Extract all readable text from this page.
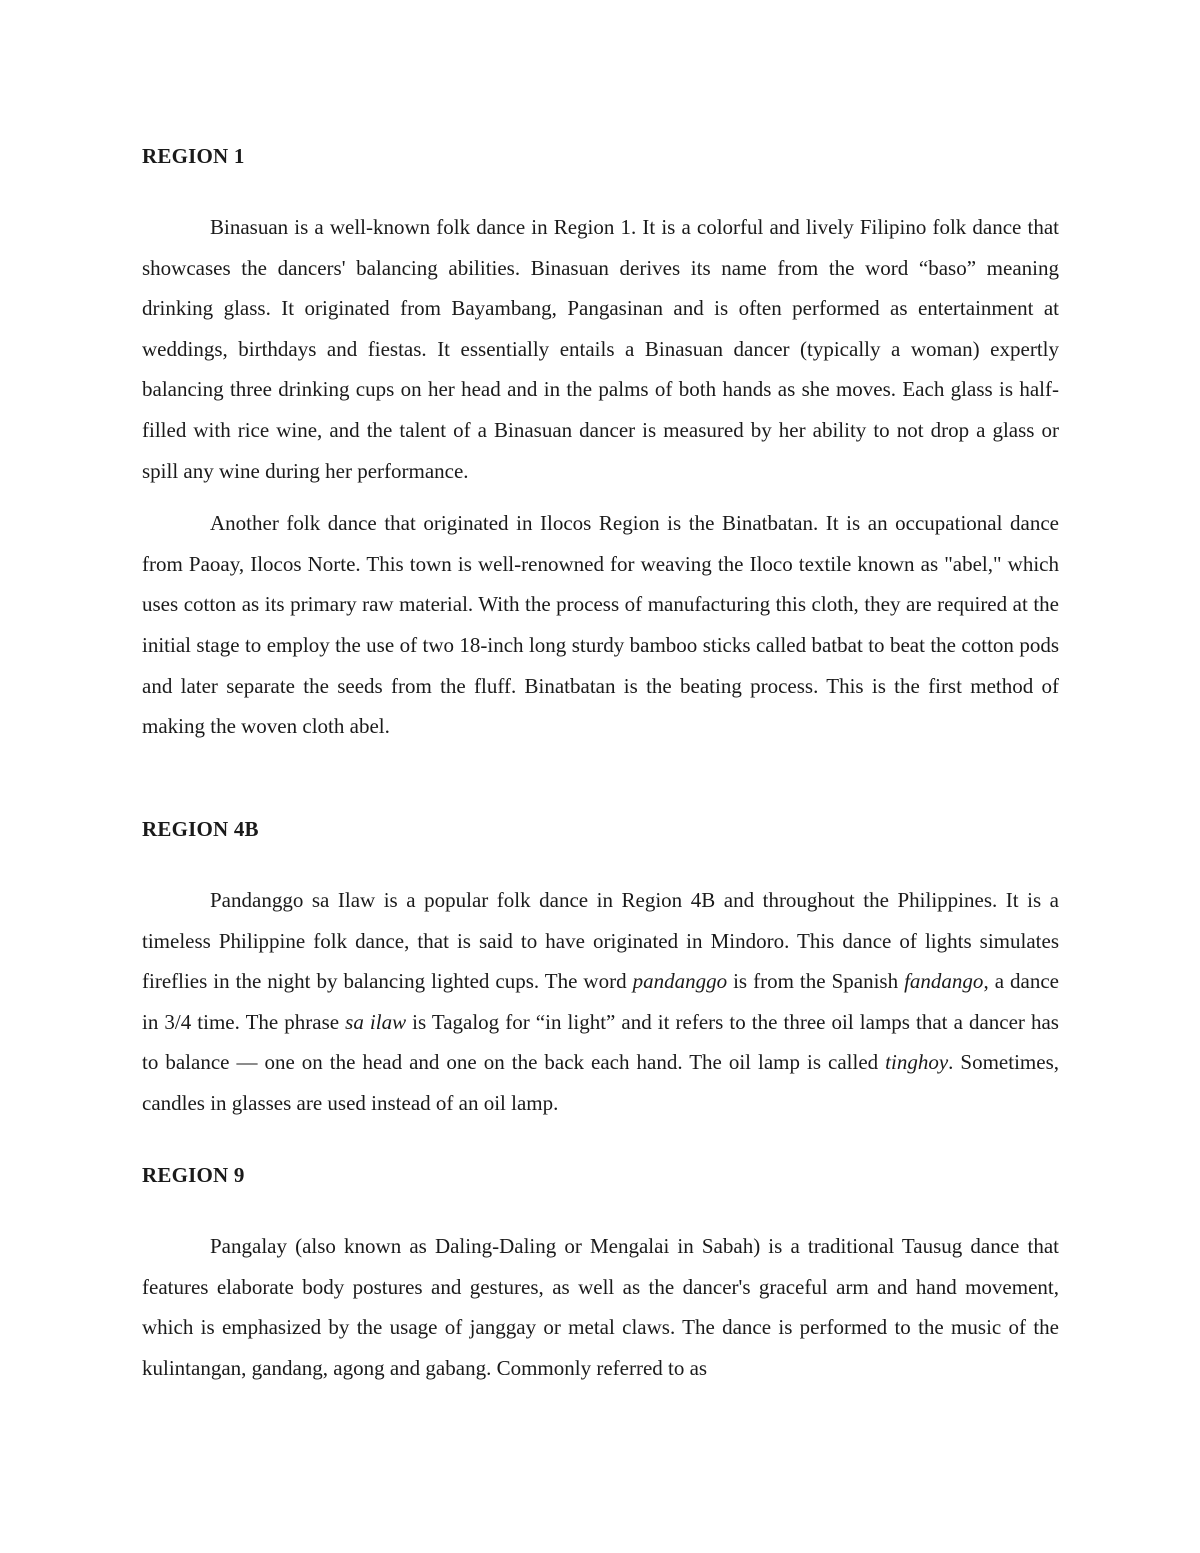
REGION 1

Binasuan is a well-known folk dance in Region 1. It is a colorful and lively Filipino folk dance that showcases the dancers' balancing abilities. Binasuan derives its name from the word “baso” meaning drinking glass. It originated from Bayambang, Pangasinan and is often performed as entertainment at weddings, birthdays and fiestas. It essentially entails a Binasuan dancer (typically a woman) expertly balancing three drinking cups on her head and in the palms of both hands as she moves. Each glass is half-filled with rice wine, and the talent of a Binasuan dancer is measured by her ability to not drop a glass or spill any wine during her performance.

Another folk dance that originated in Ilocos Region is the Binatbatan. It is an occupational dance from Paoay, Ilocos Norte. This town is well-renowned for weaving the Iloco textile known as "abel," which uses cotton as its primary raw material. With the process of manufacturing this cloth, they are required at the initial stage to employ the use of two 18-inch long sturdy bamboo sticks called batbat to beat the cotton pods and later separate the seeds from the fluff. Binatbatan is the beating process. This is the first method of making the woven cloth abel.

REGION 4B

Pandanggo sa Ilaw is a popular folk dance in Region 4B and throughout the Philippines. It is a timeless Philippine folk dance, that is said to have originated in Mindoro. This dance of lights simulates fireflies in the night by balancing lighted cups. The word pandanggo is from the Spanish fandango, a dance in 3/4 time. The phrase sa ilaw is Tagalog for “in light” and it refers to the three oil lamps that a dancer has to balance — one on the head and one on the back each hand. The oil lamp is called tinghoy. Sometimes, candles in glasses are used instead of an oil lamp.

REGION 9

Pangalay (also known as Daling-Daling or Mengalai in Sabah) is a traditional Tausug dance that features elaborate body postures and gestures, as well as the dancer's graceful arm and hand movement, which is emphasized by the usage of janggay or metal claws. The dance is performed to the music of the kulintangan, gandang, agong and gabang. Commonly referred to as
